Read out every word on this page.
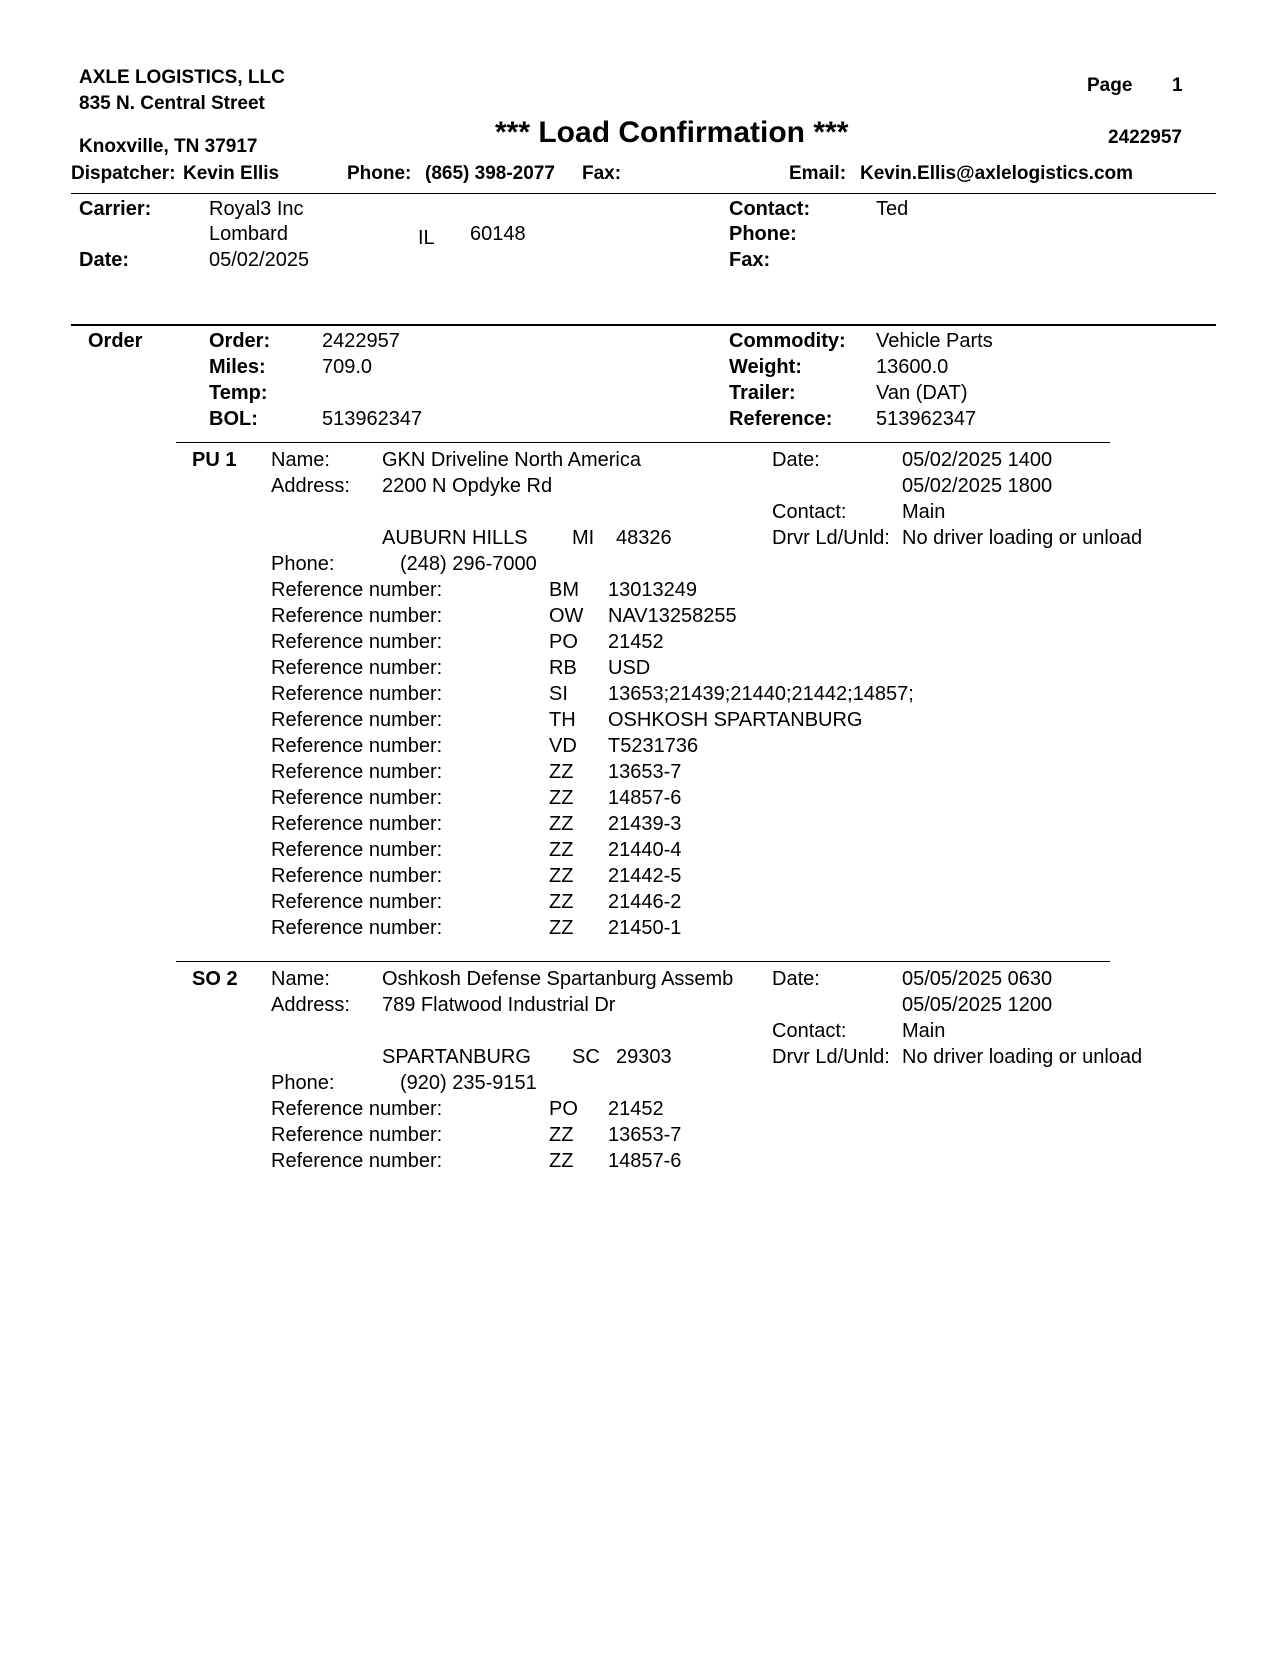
AXLE LOGISTICS, LLC
835 N. Central Street
Knoxville, TN 37917
Page 1
*** Load Confirmation ***	2422957
Dispatcher: Kevin Ellis	Phone: (865) 398-2077 Fax:	Email: Kevin.Ellis@axlelogistics.com
Carrier:	Royal3 Inc
Lombard	IL 60148
Date:	05/02/2025
Contact:	Ted
Phone:
Fax:
Order	Order:	2422957
Miles:	709.0
Temp:
BOL:	513962347
Commodity: Vehicle Parts
Weight:	13600.0
Trailer:	Van (DAT)
Reference: 513962347
PU 1 Name:	GKN Driveline North America
Address: 2200 N Opdyke Rd
AUBURN HILLS MI 48326
Phone:	(248) 296-7000
Date:	05/02/2025 1400
05/02/2025 1800
Contact:	Main
Drvr Ld/Unld: No driver loading or unload
Reference number:	BM 13013249
Reference number:	OW NAV13258255
Reference number:	PO 21452
Reference number:	RB USD
Reference number:	SI 13653;21439;21440;21442;14857;
Reference number:	TH OSHKOSH SPARTANBURG
Reference number:	VD T5231736
Reference number:	ZZ 13653-7
Reference number:	ZZ 14857-6
Reference number:	ZZ 21439-3
Reference number:	ZZ 21440-4
Reference number:	ZZ 21442-5
Reference number:	ZZ 21446-2
Reference number:	ZZ 21450-1
SO 2 Name:	Oshkosh Defense Spartanburg Assemb
Address: 789 Flatwood Industrial Dr
SPARTANBURG SC 29303
Phone:	(920) 235-9151
Date:	05/05/2025 0630
05/05/2025 1200
Contact:	Main
Drvr Ld/Unld: No driver loading or unload
Reference number:	PO 21452
Reference number:	ZZ 13653-7
Reference number:	ZZ 14857-6
